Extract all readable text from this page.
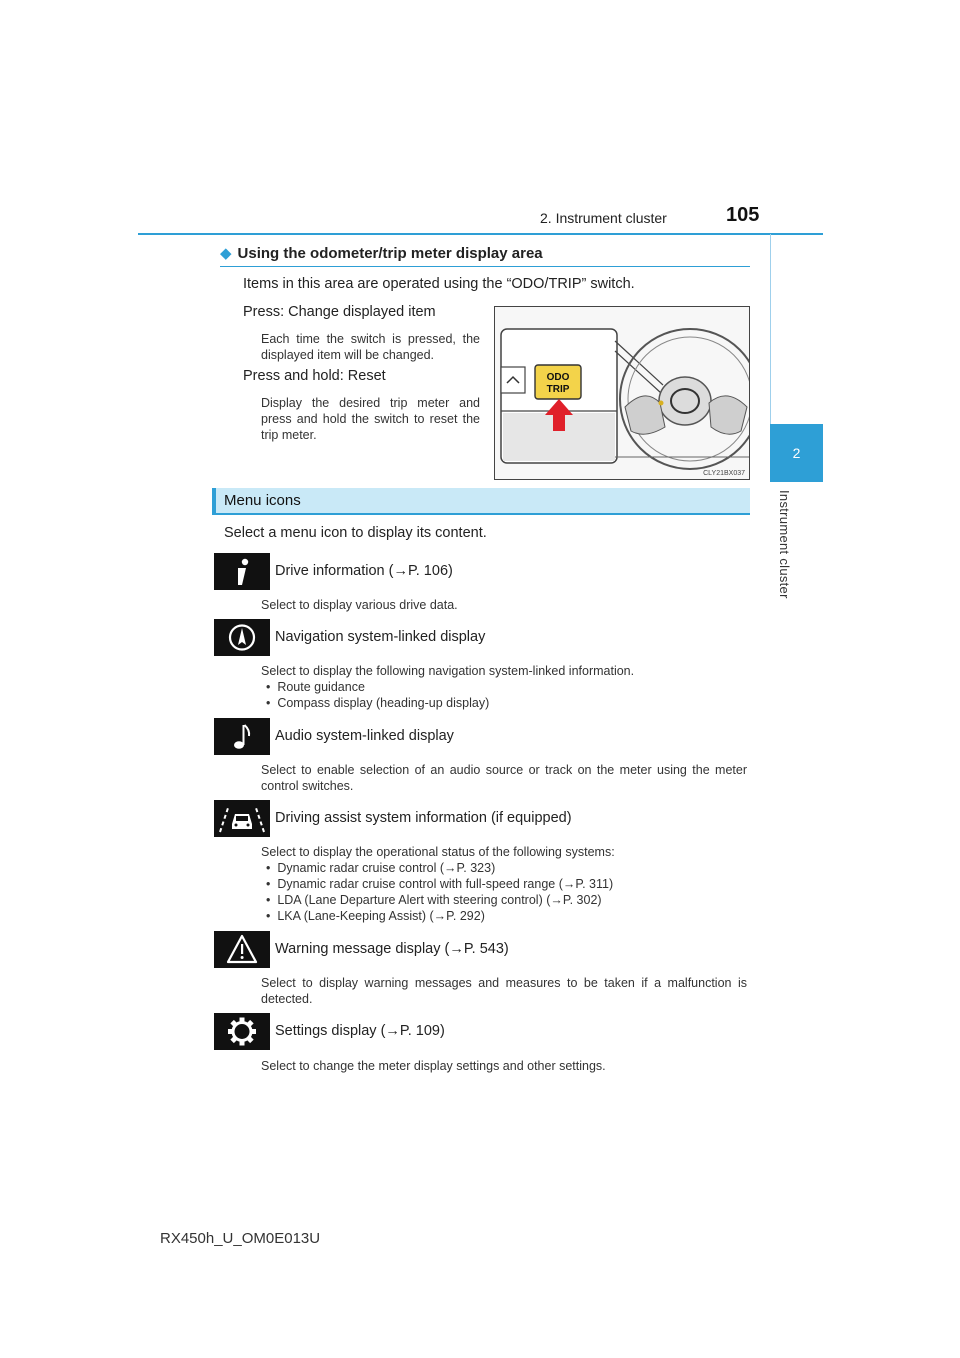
2. Instrument cluster	105
2
Instrument cluster
◆ Using the odometer/trip meter display area
Items in this area are operated using the “ODO/TRIP” switch.
Press: Change displayed item
Each time the switch is pressed, the displayed item will be changed.
Press and hold: Reset
Display the desired trip meter and press and hold the switch to reset the trip meter.
ODO
TRIP
CLY21BX037
Menu icons
Select a menu icon to display its content.
Drive information (→P. 106)
Select to display various drive data.
Navigation system-linked display
Select to display the following navigation system-linked information.
•  Route guidance
•  Compass display (heading-up display)
Audio system-linked display
Select to enable selection of an audio source or track on the meter using the meter control switches.
Driving assist system information (if equipped)
Select to display the operational status of the following systems:
•  Dynamic radar cruise control (→P. 323)
•  Dynamic radar cruise control with full-speed range (→P. 311)
•  LDA (Lane Departure Alert with steering control) (→P. 302)
•  LKA (Lane-Keeping Assist) (→P. 292)
Warning message display (→P. 543)
Select to display warning messages and measures to be taken if a malfunction is detected.
Settings display (→P. 109)
Select to change the meter display settings and other settings.
RX450h_U_OM0E013U
